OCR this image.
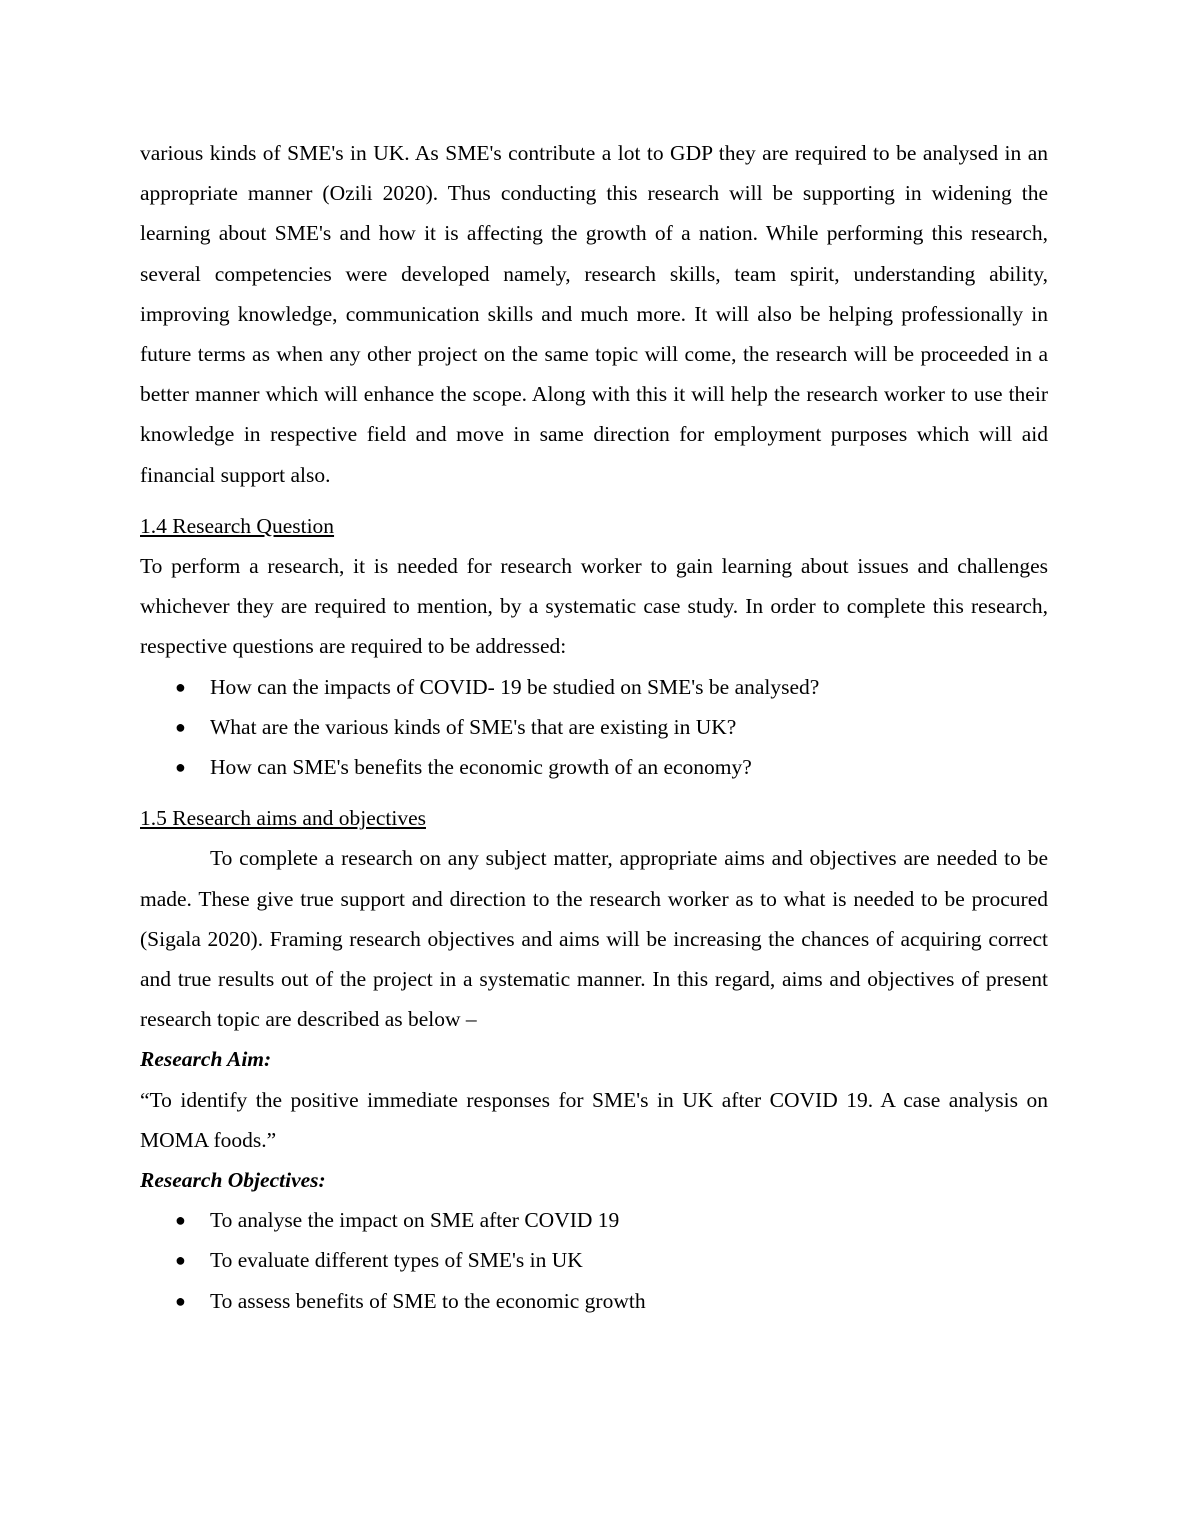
various kinds of SME's in UK. As SME's contribute a lot to GDP they are required to be analysed in an appropriate manner (Ozili 2020). Thus conducting this research will be supporting in widening the learning about SME's and how it is affecting the growth of a nation. While performing this research, several competencies were developed namely, research skills, team spirit, understanding ability, improving knowledge, communication skills and much more. It will also be helping professionally in future terms as when any other project on the same topic will come, the research will be proceeded in a better manner which will enhance the scope. Along with this it will help the research worker to use their knowledge in respective field and move in same direction for employment purposes which will aid financial support also.

1.4 Research Question

To perform a research, it is needed for research worker to gain learning about issues and challenges whichever they are required to mention, by a systematic case study. In order to complete this research, respective questions are required to be addressed:

● How can the impacts of COVID- 19 be studied on SME's be analysed?
● What are the various kinds of SME's that are existing in UK?
● How can SME's benefits the economic growth of an economy?

1.5 Research aims and objectives

To complete a research on any subject matter, appropriate aims and objectives are needed to be made. These give true support and direction to the research worker as to what is needed to be procured (Sigala 2020). Framing research objectives and aims will be increasing the chances of acquiring correct and true results out of the project in a systematic manner. In this regard, aims and objectives of present research topic are described as below –

Research Aim:

“To identify the positive immediate responses for SME's in UK after COVID 19. A case analysis on MOMA foods.”

Research Objectives:

● To analyse the impact on SME after COVID 19
● To evaluate different types of SME's in UK
● To assess benefits of SME to the economic growth
